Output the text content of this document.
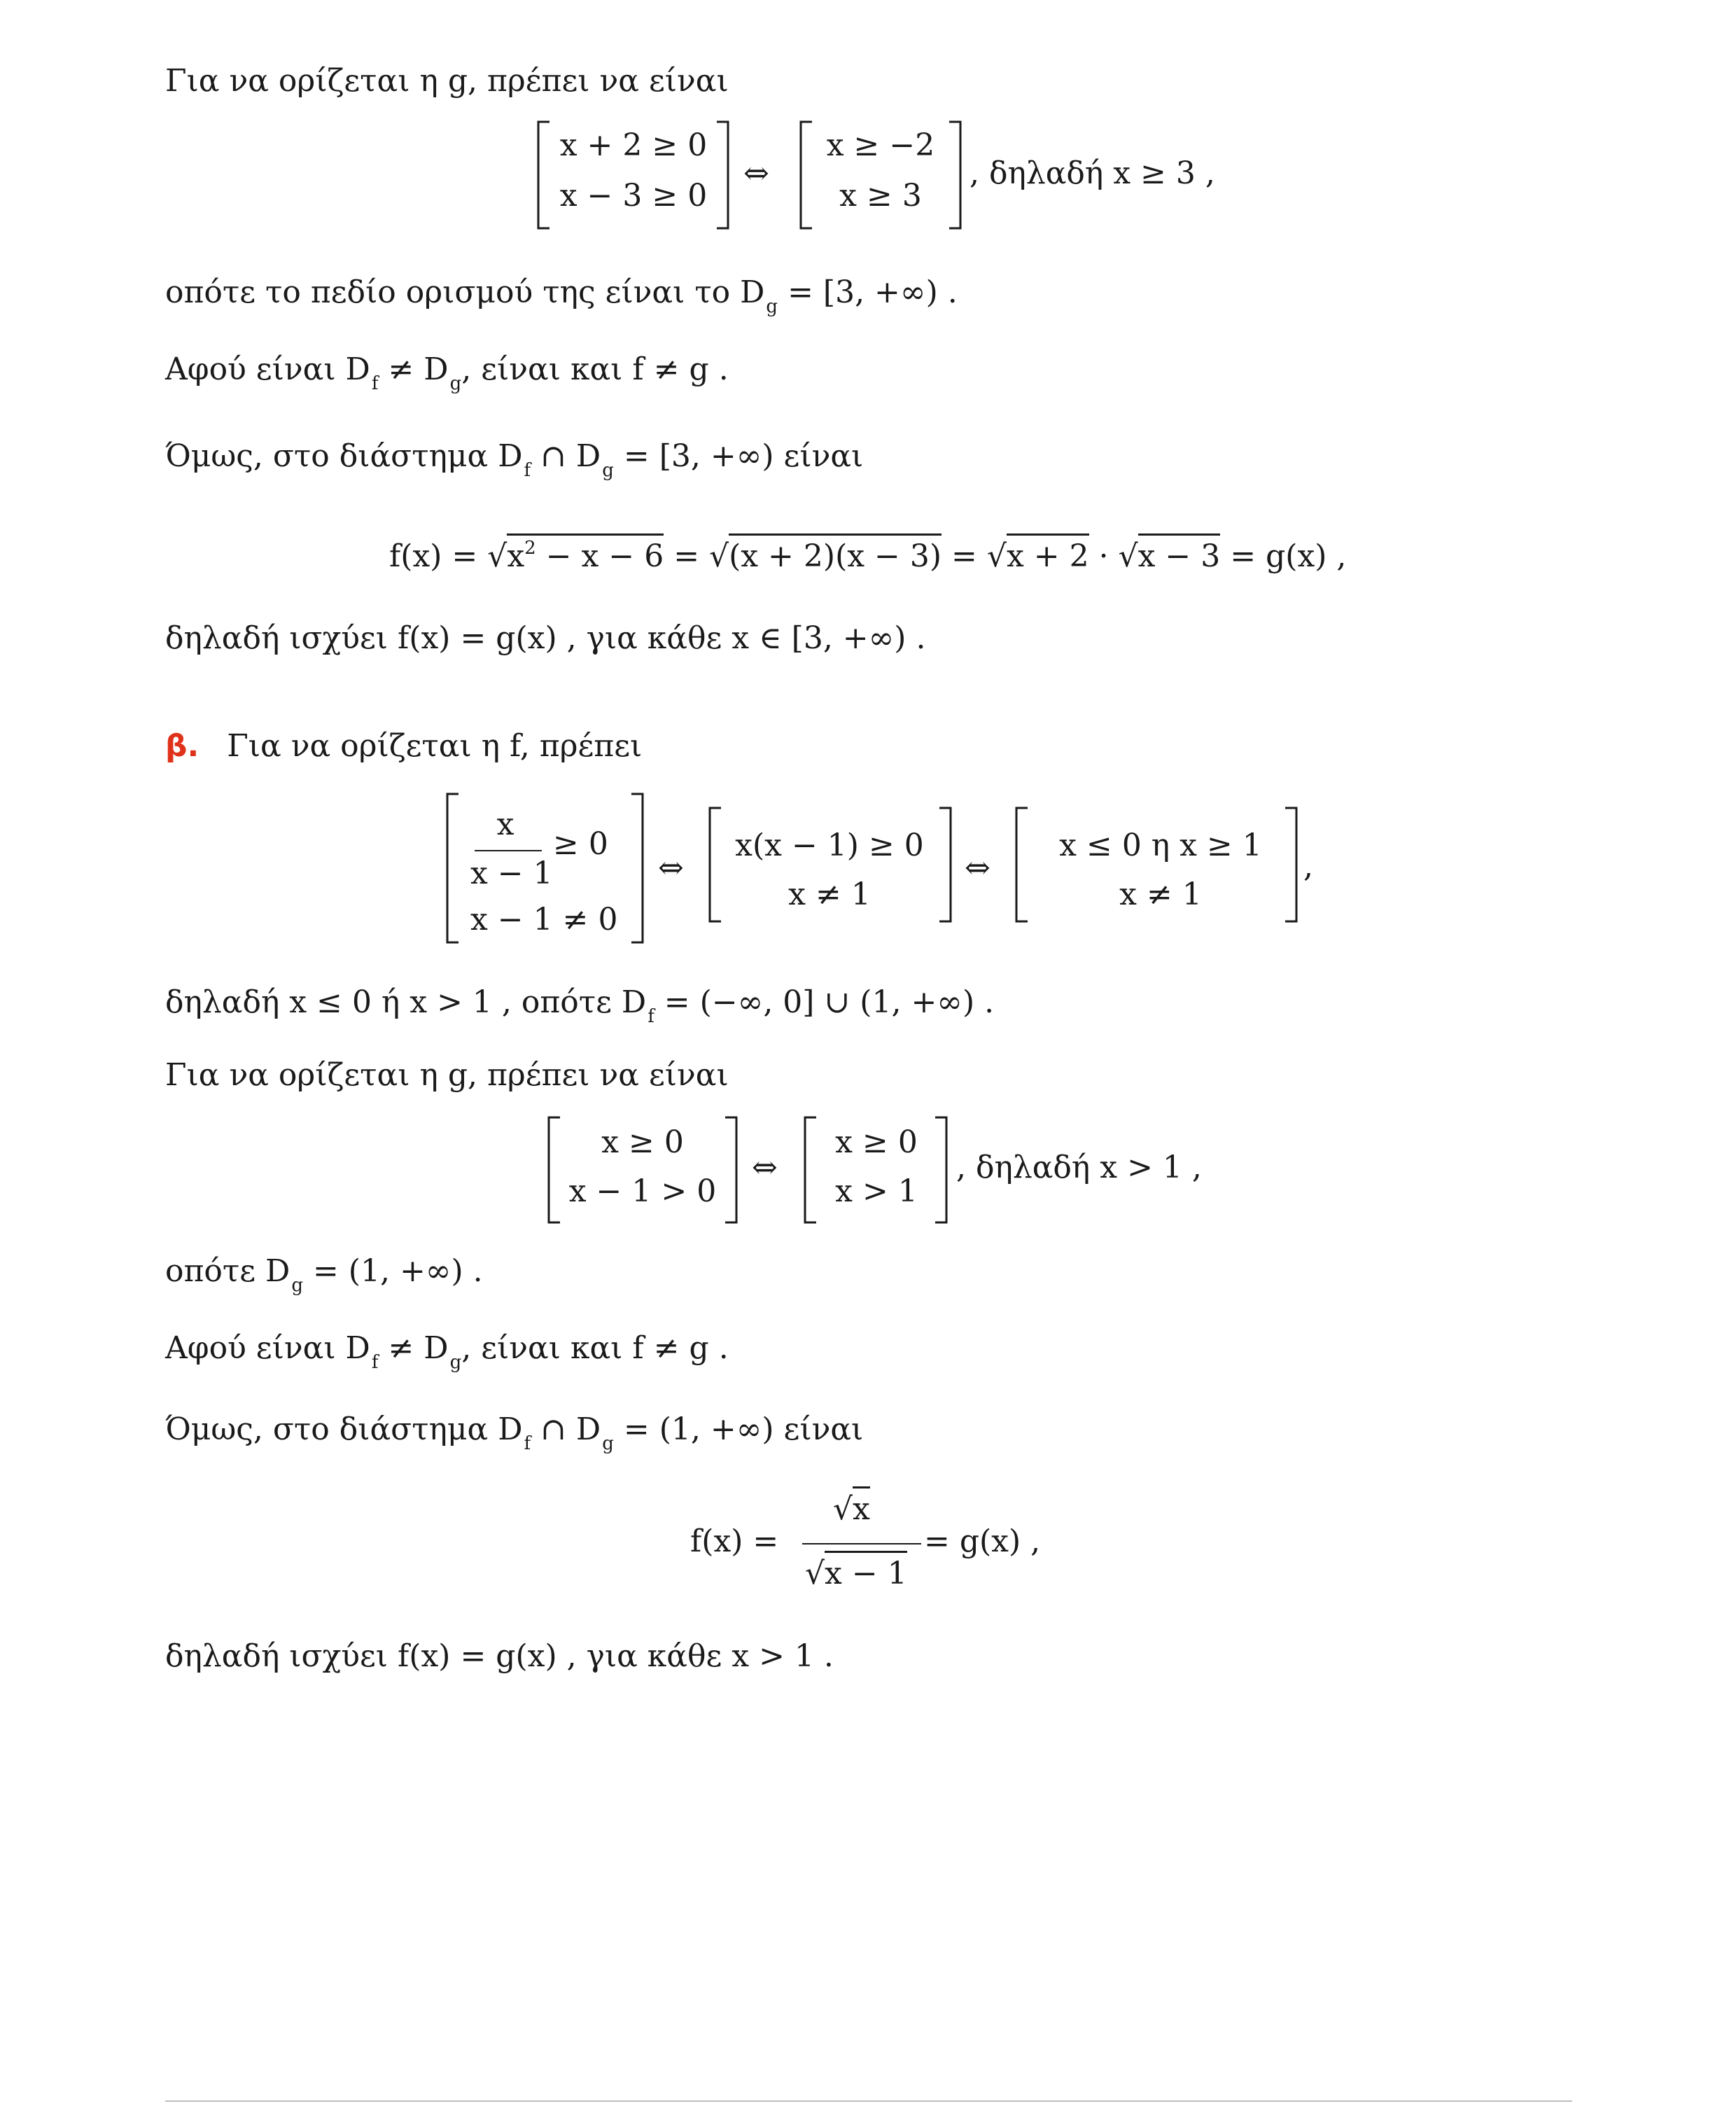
Για να ορίζεται η g, πρέπει να είναι
x + 2 ≥ 0
x − 3 ≥ 0
⇔
x ≥ −2
x ≥ 3
, δηλαδή x ≥ 3 ,
οπότε το πεδίο ορισμού της είναι το $D_g = [3$, +∞) .
Αφού είναι $D_f \ne D_g$, είναι και f ≠ g .
Όμως, στο διάστημα $D_f$ ∩ $D_g = [3$, +∞) είναι
$f(x) = √x^2 - x - 6 = √(x + 2)(x - 3) = √x + 2 \cdot √x - 3 = g(x)$ ,
δηλαδή ισχύει f(x) = g(x) , για κάθε x ∈ [3, +∞) .
β. Για να ορίζεται η f, πρέπει
x
x − 1
≥ 0
x − 1 ≠ 0
⇔
x(x − 1) ≥ 0
x ≠ 1
⇔
x ≤ 0 η x ≥ 1
x ≠ 1
,
δηλαδή x ≤ 0 ή x > 1 , οπότε $D_f$ = (−∞, 0] ∪ (1, +∞) .
Για να ορίζεται η g, πρέπει να είναι
x ≥ 0
x − 1 > 0
⇔
x ≥ 0
x > 1
, δηλαδή x > 1 ,
οπότε $D_g = (1$, +∞) .
Αφού είναι $D_f \ne D_g$, είναι και f ≠ g .
Όμως, στο διάστημα $D_f$ ∩ $D_g = (1$, +∞) είναι
f(x) =
√x
√x − 1
= g(x) ,
δηλαδή ισχύει f(x) = g(x) , για κάθε x > 1 .
